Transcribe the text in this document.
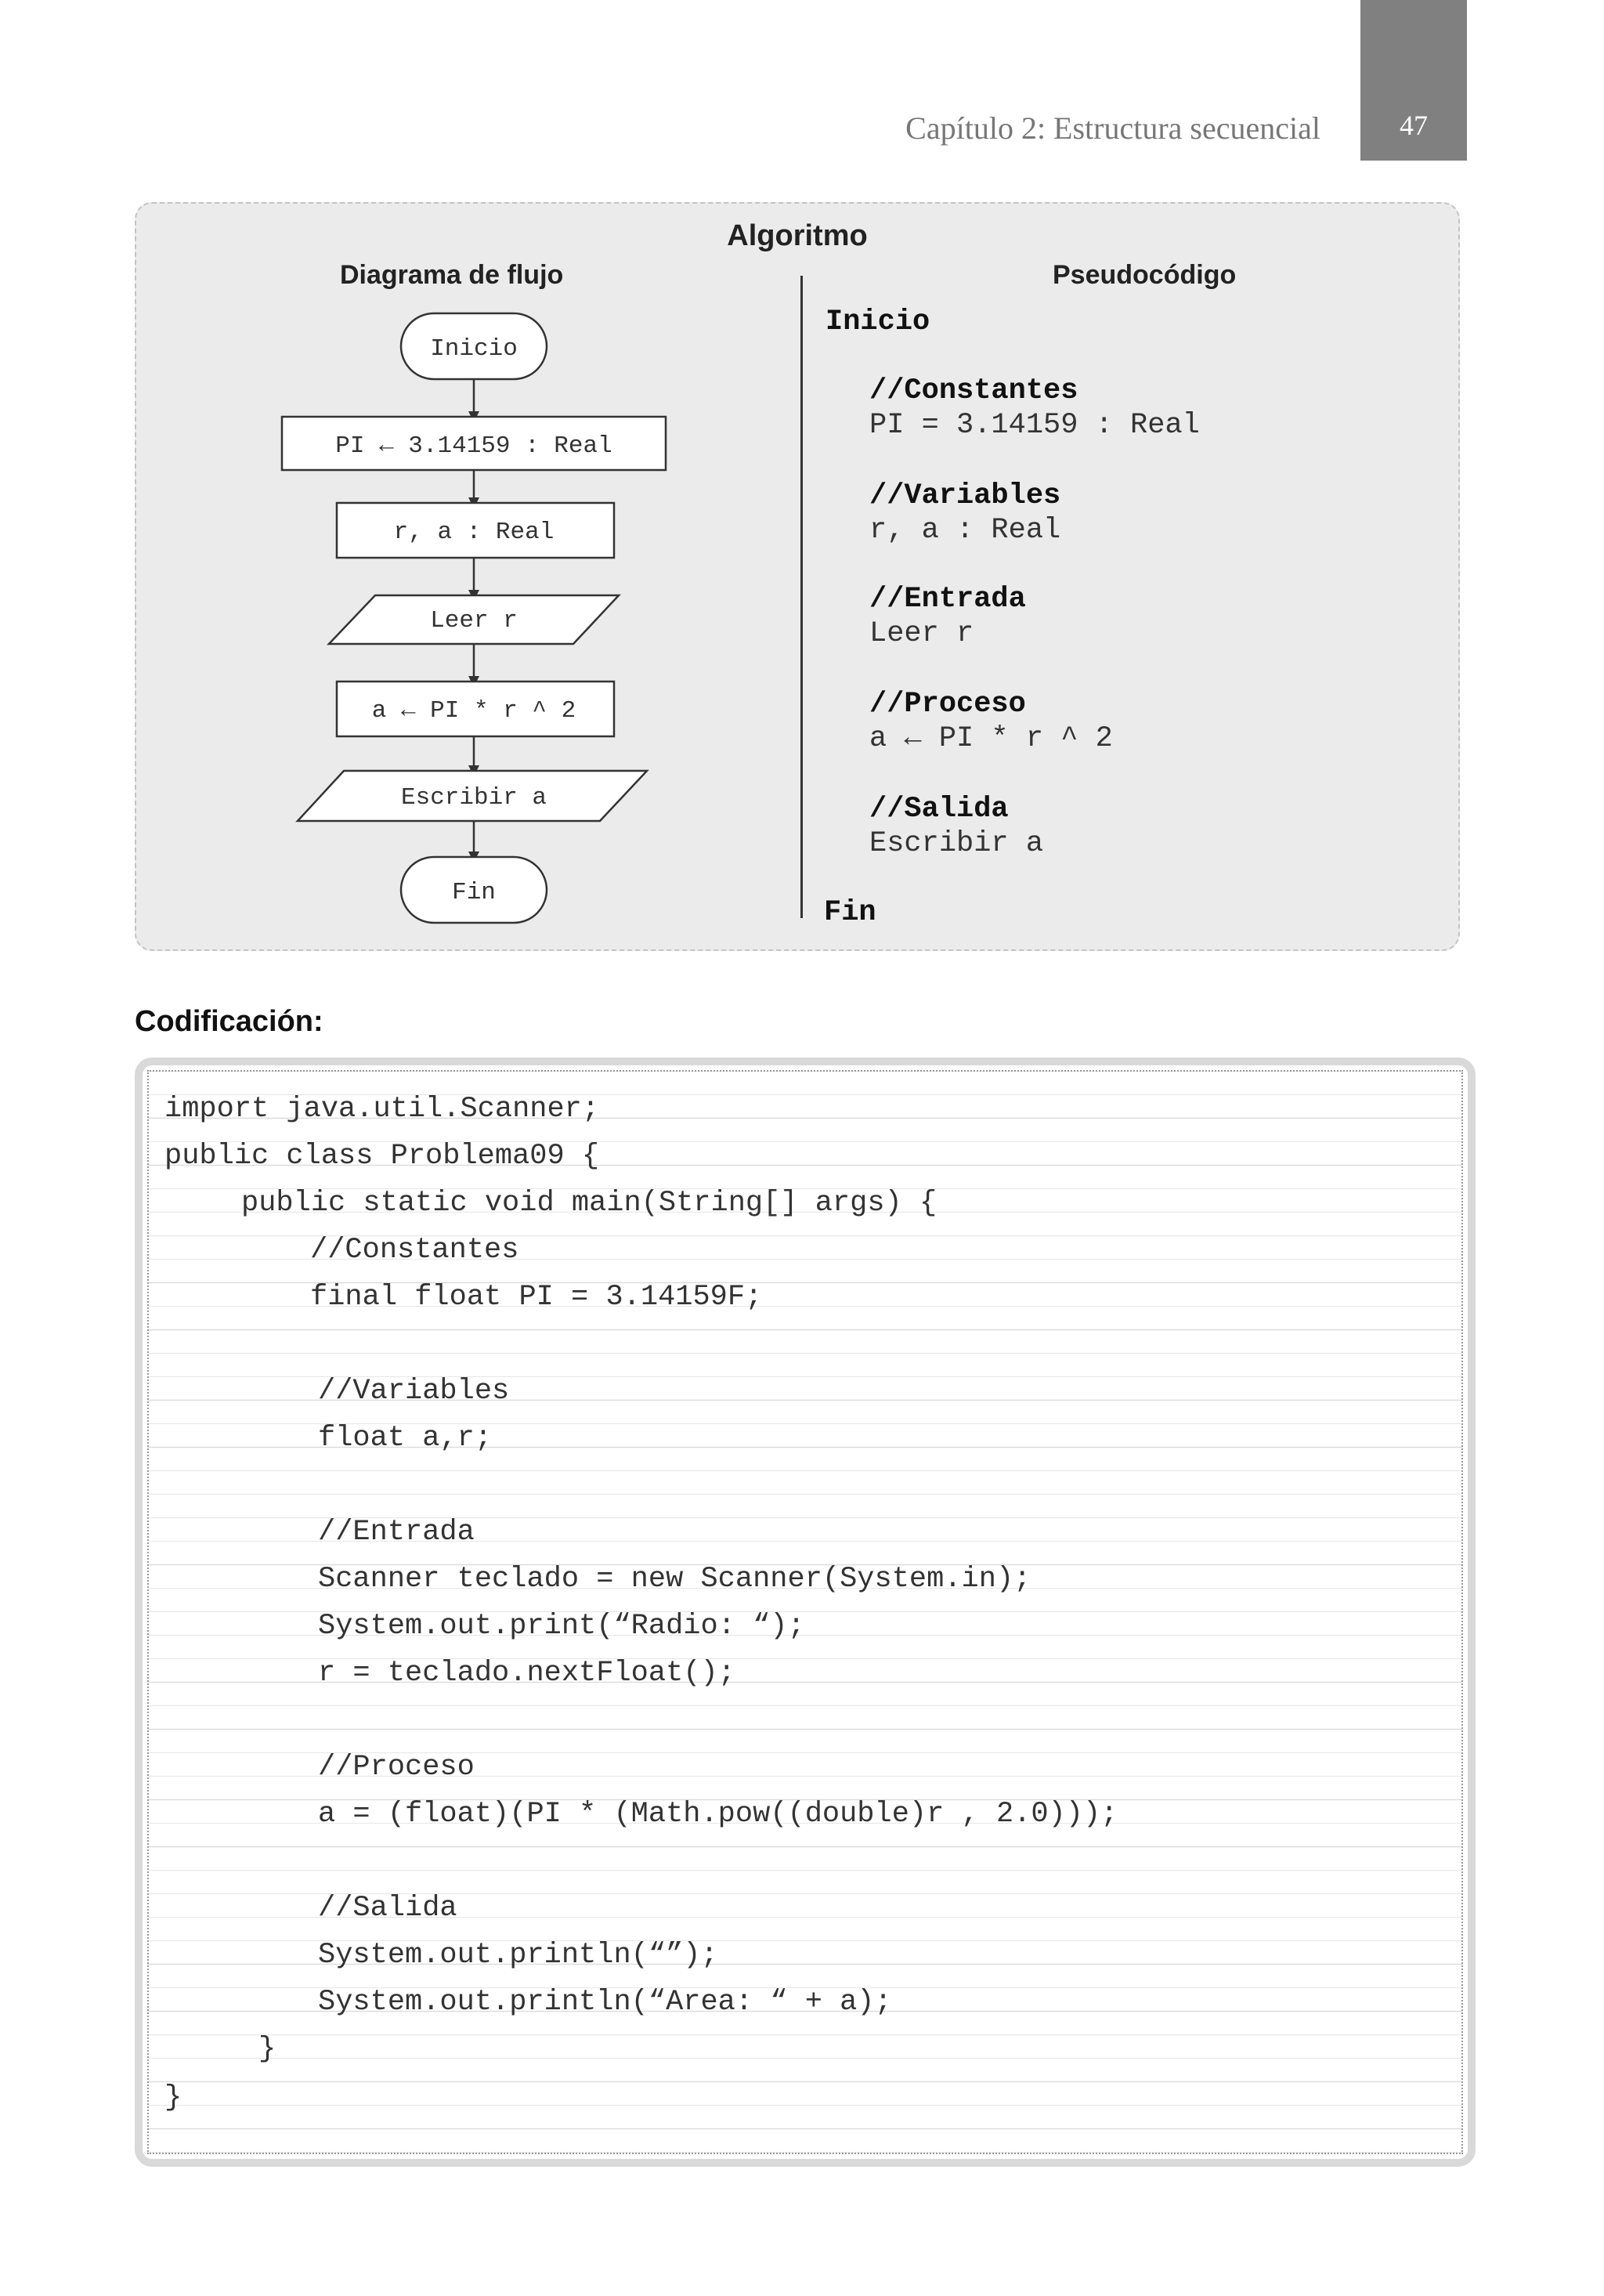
Capítulo 2: Estructura secuencial	47
Algoritmo
Diagrama de flujo	Pseudocódigo
Inicio
PI ← 3.14159 : Real
r, a : Real
Leer r
a ← PI * r ^ 2
Escribir a
Fin
Inicio
//Constantes
PI = 3.14159 : Real
//Variables
r, a : Real
//Entrada
Leer r
//Proceso
a ← PI * r ^ 2
//Salida
Escribir a
Fin
Codificación:
import java.util.Scanner;
public class Problema09 {
public static void main(String[] args) {
//Constantes
final float PI = 3.14159F;
//Variables
float a,r;
//Entrada
Scanner teclado = new Scanner(System.in);
System.out.print(“Radio: “);
r = teclado.nextFloat();
//Proceso
a = (float)(PI * (Math.pow((double)r , 2.0)));
//Salida
System.out.println(“”);
System.out.println(“Area: “ + a);
}
}
